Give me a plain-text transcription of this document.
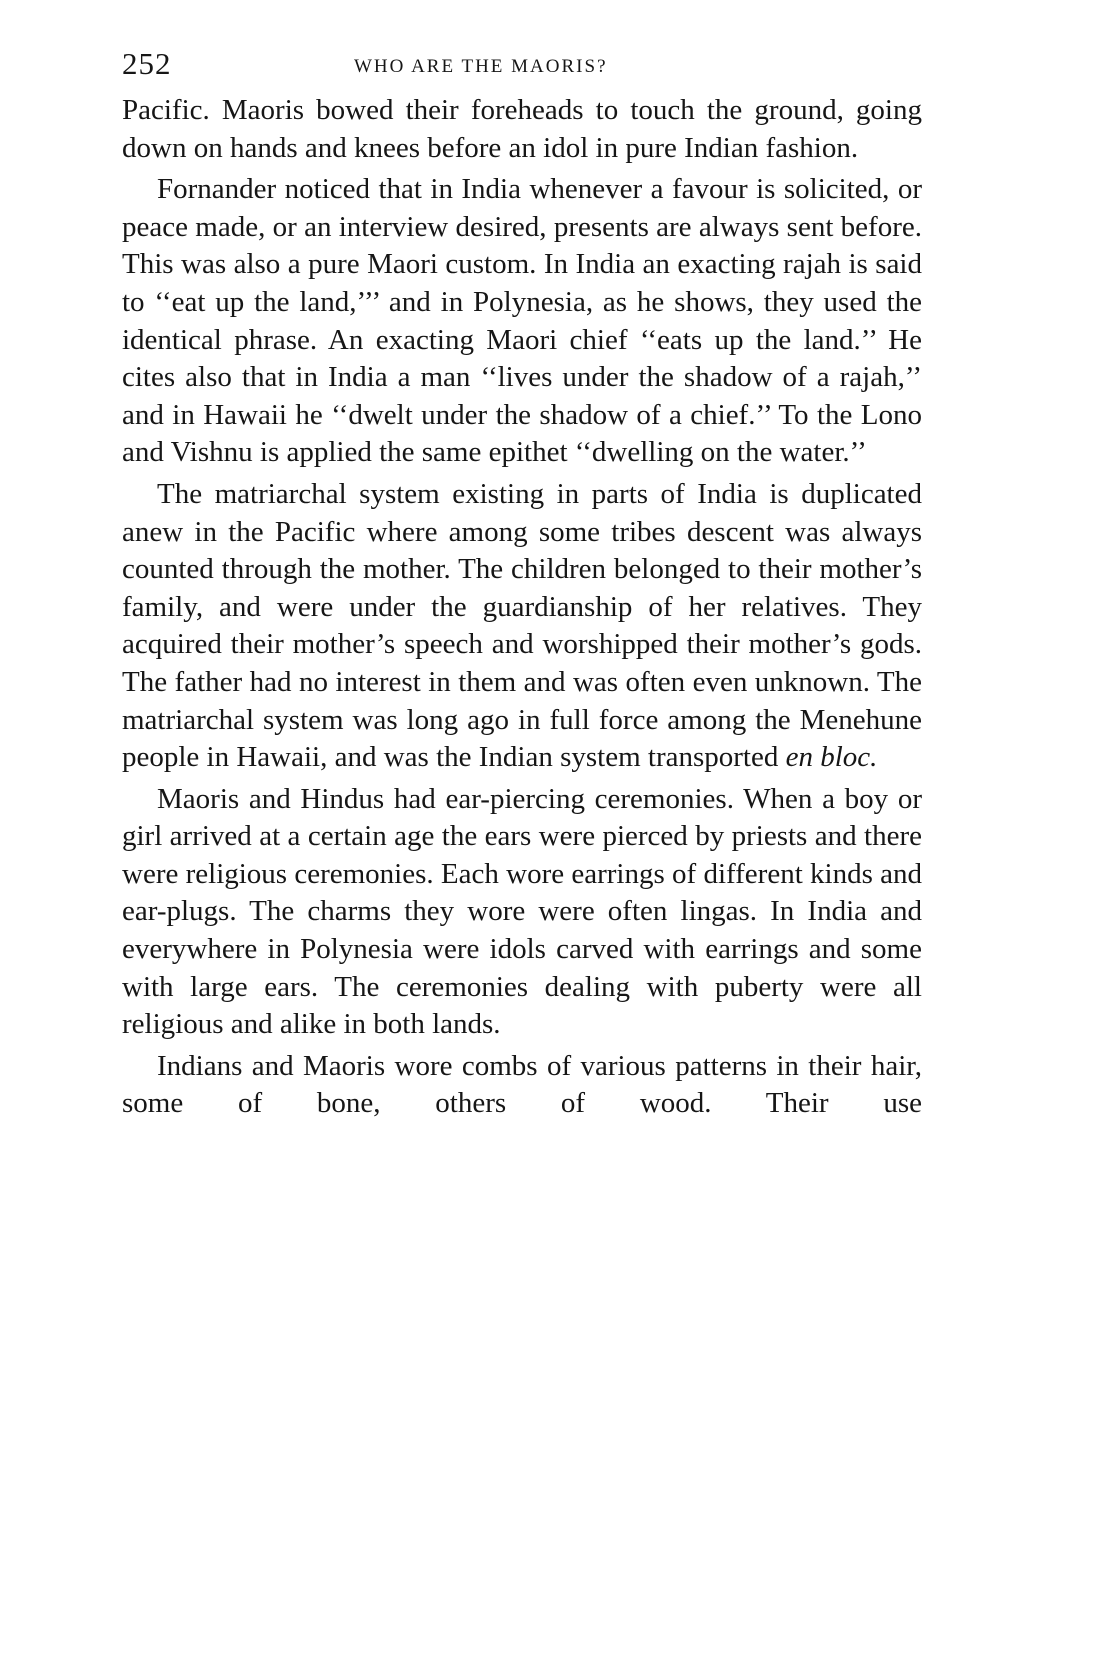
252	WHO ARE THE MAORIS?

Pacific. Maoris bowed their foreheads to touch the ground, going down on hands and knees before an idol in pure Indian fashion.

Fornander noticed that in India whenever a favour is solicited, or peace made, or an interview desired, presents are always sent before. This was also a pure Maori custom. In India an exacting rajah is said to ‘‘eat up the land,’’’ and in Polynesia, as he shows, they used the identical phrase. An exacting Maori chief ‘‘eats up the land.’’ He cites also that in India a man ‘‘lives under the shadow of a rajah,’’ and in Hawaii he ‘‘dwelt under the shadow of a chief.’’ To the Lono and Vishnu is applied the same epithet ‘‘dwelling on the water.’’

The matriarchal system existing in parts of India is duplicated anew in the Pacific where among some tribes descent was always counted through the mother. The children belonged to their mother’s family, and were under the guardianship of her relatives. They acquired their mother’s speech and worshipped their mother’s gods. The father had no interest in them and was often even unknown. The matriarchal system was long ago in full force among the Menehune people in Hawaii, and was the Indian system transported en bloc.

Maoris and Hindus had ear-piercing ceremonies. When a boy or girl arrived at a certain age the ears were pierced by priests and there were religious ceremonies. Each wore earrings of different kinds and ear-plugs. The charms they wore were often lingas. In India and everywhere in Polynesia were idols carved with earrings and some with large ears. The ceremonies dealing with puberty were all religious and alike in both lands.

Indians and Maoris wore combs of various patterns in their hair, some of bone, others of wood. Their use
